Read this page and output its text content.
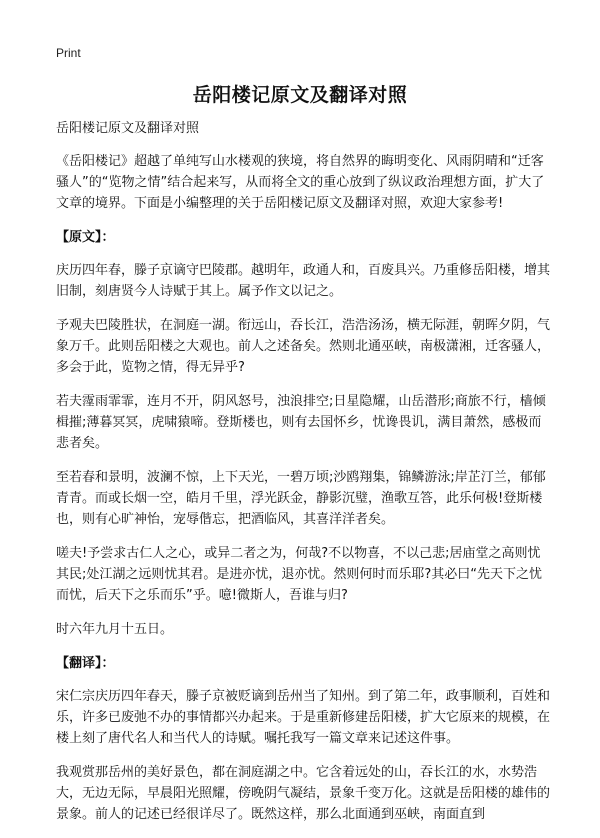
Print
岳阳楼记原文及翻译对照

岳阳楼记原文及翻译对照

《岳阳楼记》超越了单纯写山水楼观的狭境，将自然界的晦明变化、风雨阴晴和“迁客骚人”的“览物之情”结合起来写，从而将全文的重心放到了纵议政治理想方面，扩大了文章的境界。下面是小编整理的关于岳阳楼记原文及翻译对照，欢迎大家参考!

【原文】：

庆历四年春，滕子京谪守巴陵郡。越明年，政通人和，百废具兴。乃重修岳阳楼，增其旧制，刻唐贤今人诗赋于其上。属予作文以记之。

予观夫巴陵胜状，在洞庭一湖。衔远山，吞长江，浩浩汤汤，横无际涯，朝晖夕阴，气象万千。此则岳阳楼之大观也。前人之述备矣。然则北通巫峡，南极潇湘，迁客骚人，多会于此，览物之情，得无异乎?

若夫霪雨霏霏，连月不开，阴风怒号，浊浪排空;日星隐耀，山岳潜形;商旅不行，樯倾楫摧;薄暮冥冥，虎啸猿啼。登斯楼也，则有去国怀乡，忧谗畏讥，满目萧然，感极而悲者矣。

至若春和景明，波澜不惊，上下天光，一碧万顷;沙鸥翔集，锦鳞游泳;岸芷汀兰，郁郁青青。而或长烟一空，皓月千里，浮光跃金，静影沉璧，渔歌互答，此乐何极!登斯楼也，则有心旷神怡，宠辱偕忘，把酒临风，其喜洋洋者矣。

嗟夫!予尝求古仁人之心，或异二者之为，何哉?不以物喜，不以己悲;居庙堂之高则忧其民;处江湖之远则忧其君。是进亦忧，退亦忧。然则何时而乐耶?其必曰“先天下之忧而忧，后天下之乐而乐”乎。噫!微斯人，吾谁与归?

时六年九月十五日。

【翻译】：

宋仁宗庆历四年春天，滕子京被贬谪到岳州当了知州。到了第二年，政事顺利，百姓和乐，许多已废弛不办的事情都兴办起来。于是重新修建岳阳楼，扩大它原来的规模，在楼上刻了唐代名人和当代人的诗赋。嘱托我写一篇文章来记述这件事。

我观赏那岳州的美好景色，都在洞庭湖之中。它含着远处的山，吞长江的水，水势浩大，无边无际，早晨阳光照耀，傍晚阴气凝结，景象千变万化。这就是岳阳楼的雄伟的景象。前人的记述已经很详尽了。既然这样，那么北面通到巫峡，南面直到
